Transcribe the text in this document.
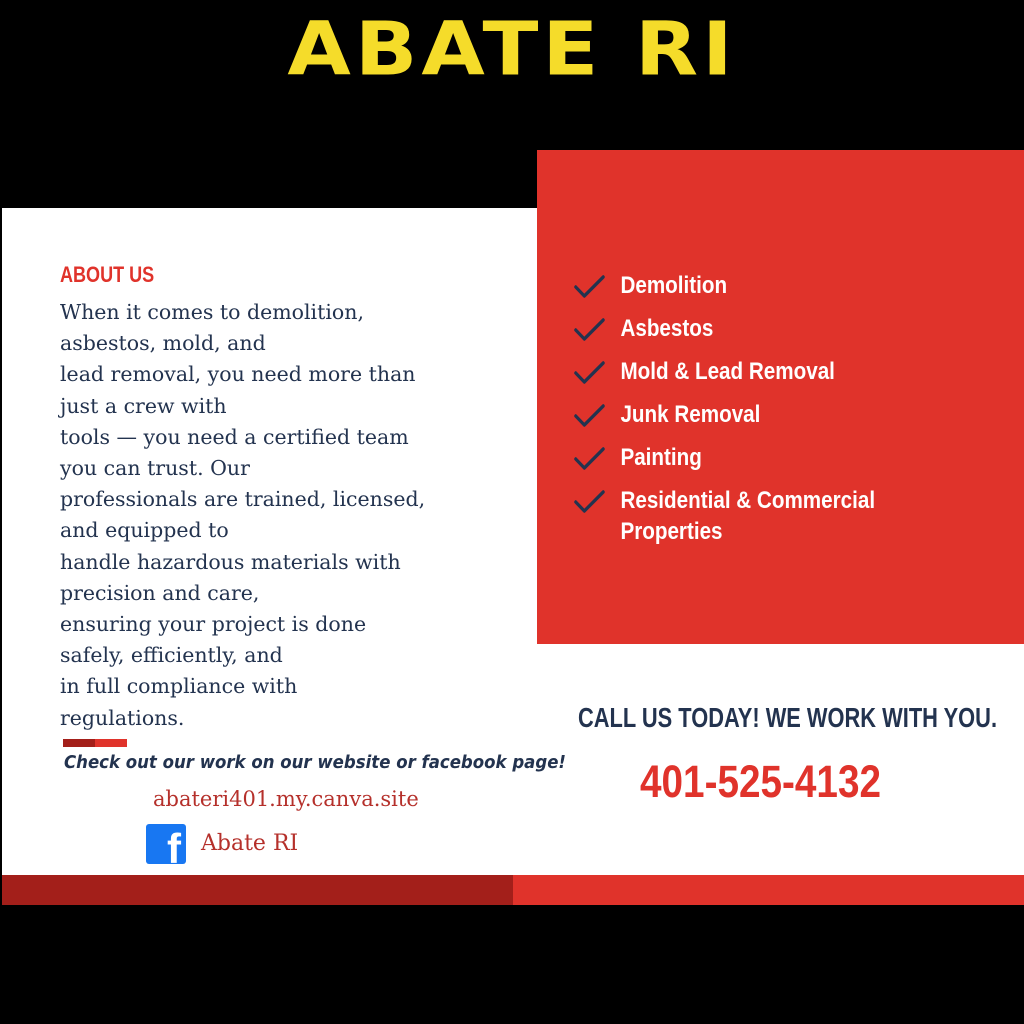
ABATE RI
Demolition
Asbestos
Mold & Lead Removal
Junk Removal
Painting
Residential & Commercial Properties
ABOUT US
When it comes to demolition,
asbestos, mold, and
lead removal, you need more than
just a crew with
tools — you need a certified team
you can trust. Our
professionals are trained, licensed,
and equipped to
handle hazardous materials with
precision and care,
ensuring your project is done
safely, efficiently, and
in full compliance with
regulations.
Check out our work on our website or facebook page!
abateri401.my.canva.site
f Abate RI
CALL US TODAY! WE WORK WITH YOU.
401-525-4132
